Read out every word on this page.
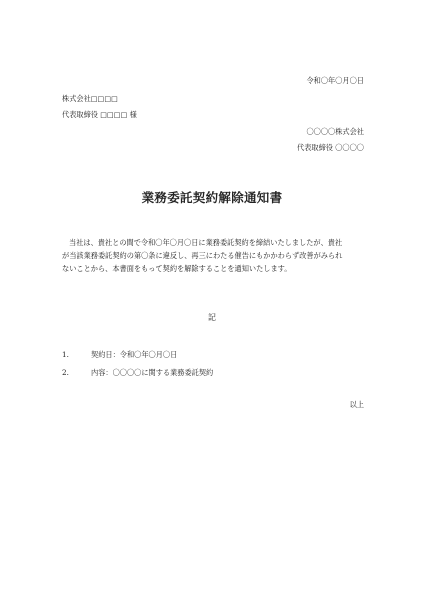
令和〇年〇月〇日
株式会社□□□□
代表取締役 □□□□ 様
〇〇〇〇株式会社
代表取締役 〇〇〇〇
業務委託契約解除通知書

当社は、貴社との間で令和〇年〇月〇日に業務委託契約を締結いたしましたが、貴社

が当該業務委託契約の第〇条に違反し、再三にわたる催告にもかかわらず改善がみられ

ないことから、本書面をもって契約を解除することを通知いたします。

記
1.	契約日：令和〇年〇月〇日
2.	内容：〇〇〇〇に関する業務委託契約
以上
